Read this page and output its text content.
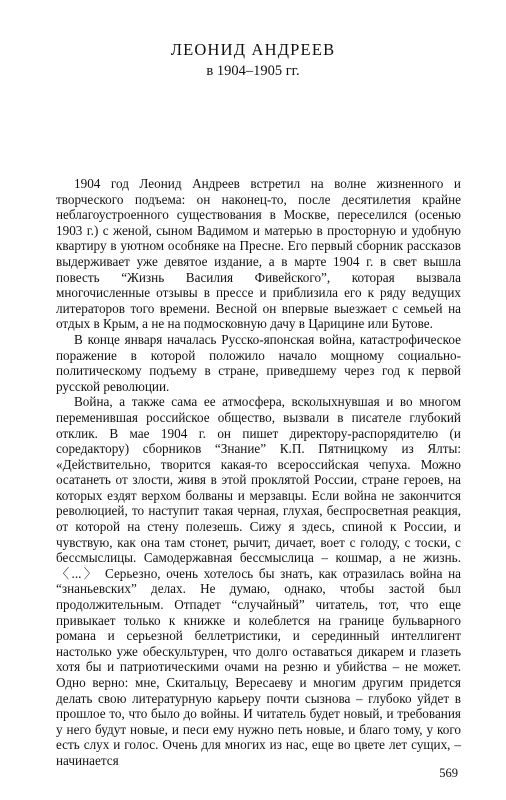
ЛЕОНИД АНДРЕЕВ
в 1904–1905 гг.

1904 год Леонид Андреев встретил на волне жизненного и творческого подъема: он наконец-то, после десятилетия крайне неблагоустроенного существования в Москве, переселился (осенью 1903 г.) с женой, сыном Вадимом и матерью в просторную и удобную квартиру в уютном особняке на Пресне. Его первый сборник рассказов выдерживает уже девятое издание, а в марте 1904 г. в свет вышла повесть “Жизнь Василия Фивейского”, которая вызвала многочисленные отзывы в прессе и приблизила его к ряду ведущих литераторов того времени. Весной он впервые выезжает с семьей на отдых в Крым, а не на подмосковную дачу в Царицине или Бутове.

В конце января началась Русско-японская война, катастрофическое поражение в которой положило начало мощному социально-политическому подъему в стране, приведшему через год к первой русской революции.

Война, а также сама ее атмосфера, всколыхнувшая и во многом переменившая российское общество, вызвали в писателе глубокий отклик. В мае 1904 г. он пишет директору-распорядителю (и соредактору) сборников “Знание” К.П. Пятницкому из Ялты: «Действительно, творится какая-то всероссийская чепуха. Можно осатанеть от злости, живя в этой проклятой России, стране героев, на которых ездят верхом болваны и мерзавцы. Если война не закончится революцией, то наступит такая черная, глухая, беспросветная реакция, от которой на стену полезешь. Сижу я здесь, спиной к России, и чувствую, как она там стонет, рычит, дичает, воет с голоду, с тоски, с бессмыслицы. Самодержавная бессмыслица – кошмар, а не жизнь. 〈...〉 Серьезно, очень хотелось бы знать, как отразилась война на “знаньевских” делах. Не думаю, однако, чтобы застой был продолжительным. Отпадет “случайный” читатель, тот, что еще привыкает только к книжке и колеблется на границе бульварного романа и серьезной беллетристики, и серединный интеллигент настолько уже обескультурен, что долго оставаться дикарем и глазеть хотя бы и патриотическими очами на резню и убийства – не может. Одно верно: мне, Скитальцу, Вересаеву и многим другим придется делать свою литературную карьеру почти сызнова – глубоко уйдет в прошлое то, что было до войны. И читатель будет новый, и требования у него будут новые, и песи ему нужно петь новые, и благо тому, у кого есть слух и голос. Очень для многих из нас, еще во цвете лет сущих, – начинается

569
